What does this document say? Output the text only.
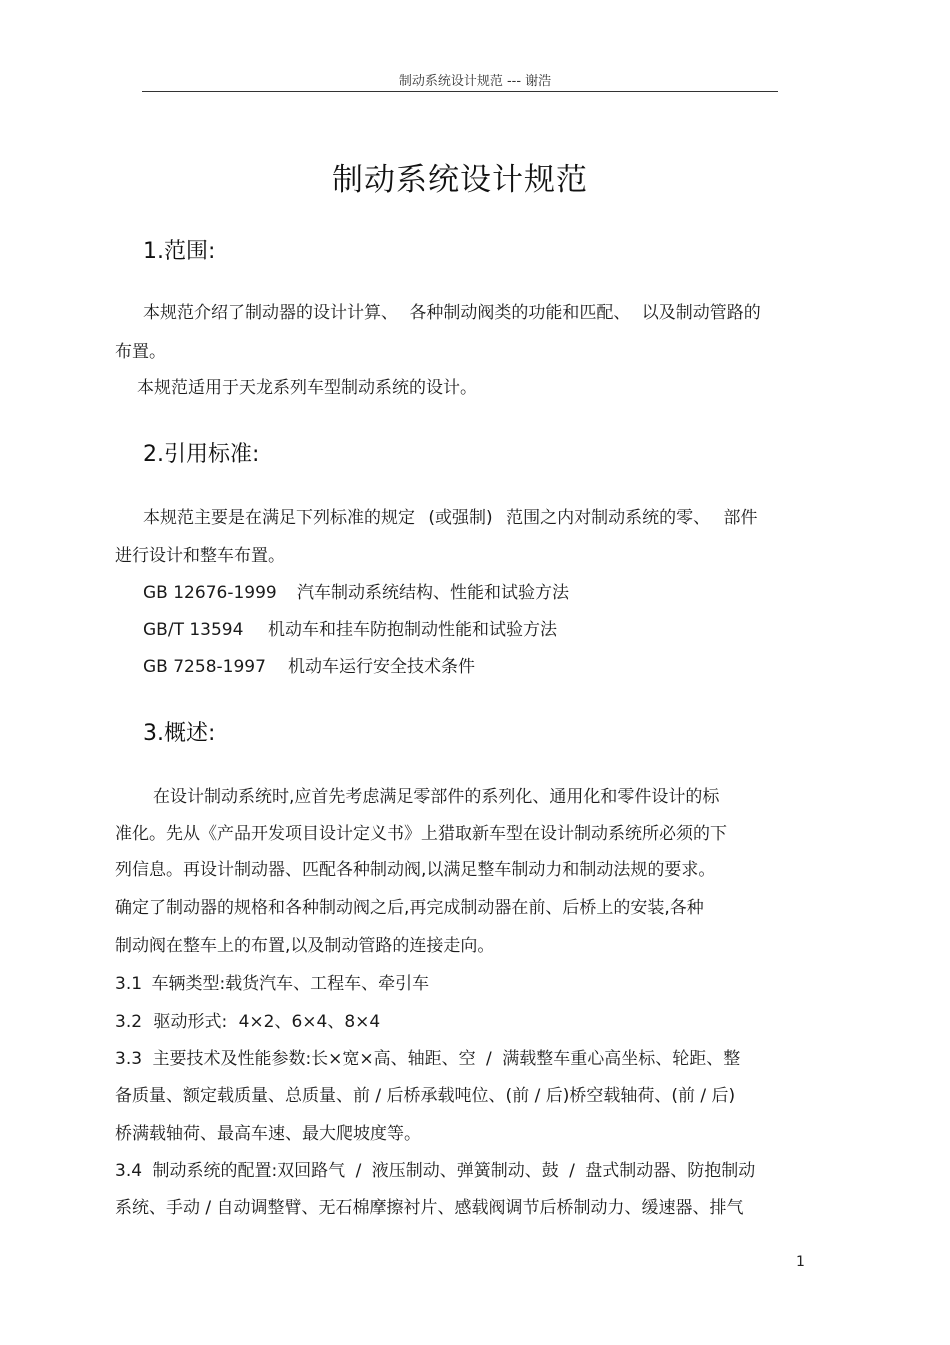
制动系统设计规范 --- 谢浩
制动系统设计规范
1.范围:
本规范介绍了制动器的设计计算、 各种制动阀类的功能和匹配、 以及制动管路的
布置。
本规范适用于天龙系列车型制动系统的设计。
2.引用标准:
本规范主要是在满足下列标准的规定 (或强制) 范围之内对制动系统的零、 部件
进行设计和整车布置。
GB 12676-1999 汽车制动系统结构、性能和试验方法
GB/T 13594 机动车和挂车防抱制动性能和试验方法
GB 7258-1997 机动车运行安全技术条件
3.概述:
在设计制动系统时,应首先考虑满足零部件的系列化、通用化和零件设计的标
准化。先从《产品开发项目设计定义书》上猎取新车型在设计制动系统所必须的下
列信息。再设计制动器、匹配各种制动阀,以满足整车制动力和制动法规的要求。
确定了制动器的规格和各种制动阀之后,再完成制动器在前、后桥上的安装,各种
制动阀在整车上的布置,以及制动管路的连接走向。
3.1 车辆类型:载货汽车、工程车、牵引车
3.2 驱动形式: 4×2、6×4、8×4
3.3 主要技术及性能参数:长×宽×高、轴距、空 / 满载整车重心高坐标、轮距、整
备质量、额定载质量、总质量、前 / 后桥承载吨位、(前 / 后)桥空载轴荷、(前 / 后)
桥满载轴荷、最高车速、最大爬坡度等。
3.4 制动系统的配置:双回路气 / 液压制动、弹簧制动、鼓 / 盘式制动器、防抱制动
系统、手动 / 自动调整臂、无石棉摩擦衬片、感载阀调节后桥制动力、缓速器、排气
1
